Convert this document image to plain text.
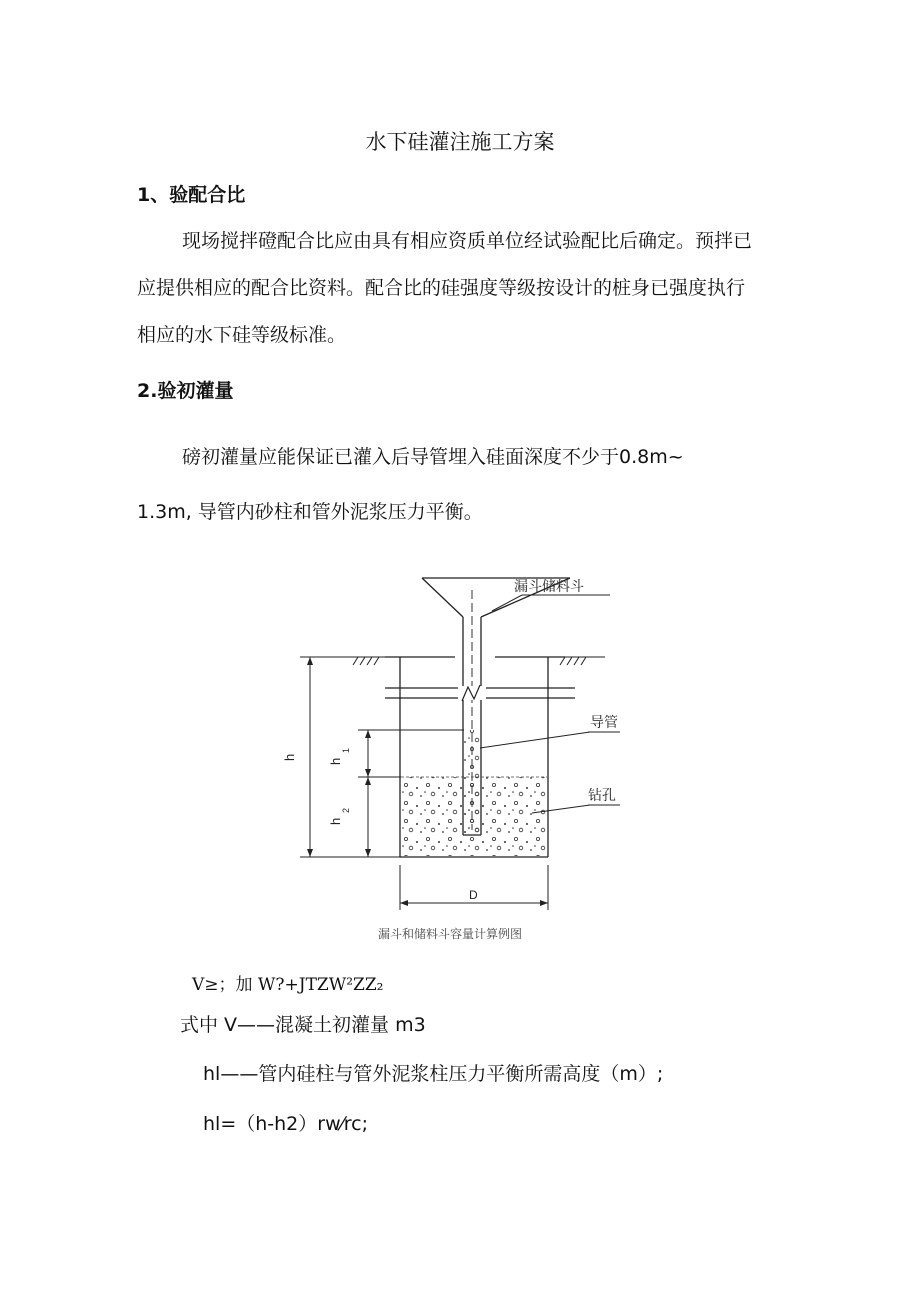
水下硅灌注施工方案
1、验配合比
现场搅拌磴配合比应由具有相应资质单位经试验配比后确定。预拌已
应提供相应的配合比资料。配合比的硅强度等级按设计的桩身已强度执行
相应的水下硅等级标准。
2.验初灌量
磅初灌量应能保证已灌入后导管埋入硅面深度不少于0.8m~
1.3m, 导管内砂柱和管外泥浆压力平衡。
漏斗储料斗
导管
钻孔
h
h
1
h
2
D
漏斗和储料斗容量计算例图
V≥；加 W?+JTZW²ZZ₂
式中 V——混凝土初灌量 m3
hl——管内硅柱与管外泥浆柱压力平衡所需高度（m）;
hl=（h-h2）rw⁄rc;
